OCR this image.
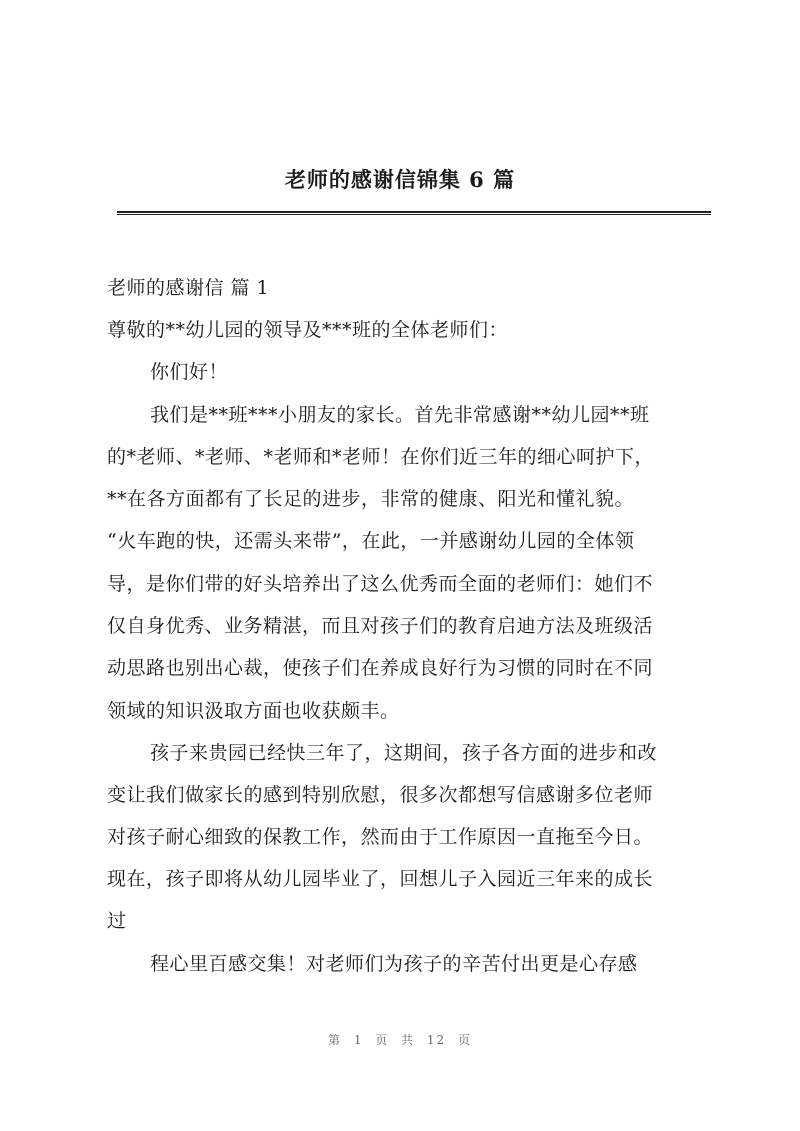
老师的感谢信锦集 6 篇
老师的感谢信 篇 1
尊敬的**幼儿园的领导及***班的全体老师们：
你们好！
我们是**班***小朋友的家长。首先非常感谢**幼儿园**班
的*老师、*老师、*老师和*老师！在你们近三年的细心呵护下，
**在各方面都有了长足的进步，非常的健康、阳光和懂礼貌。
“火车跑的快，还需头来带”，在此，一并感谢幼儿园的全体领
导，是你们带的好头培养出了这么优秀而全面的老师们：她们不
仅自身优秀、业务精湛，而且对孩子们的教育启迪方法及班级活
动思路也别出心裁，使孩子们在养成良好行为习惯的同时在不同
领域的知识汲取方面也收获颇丰。
孩子来贵园已经快三年了，这期间，孩子各方面的进步和改
变让我们做家长的感到特别欣慰，很多次都想写信感谢多位老师
对孩子耐心细致的保教工作，然而由于工作原因一直拖至今日。
现在，孩子即将从幼儿园毕业了，回想儿子入园近三年来的成长
过
程心里百感交集！对老师们为孩子的辛苦付出更是心存感
第 1 页 共 12 页
